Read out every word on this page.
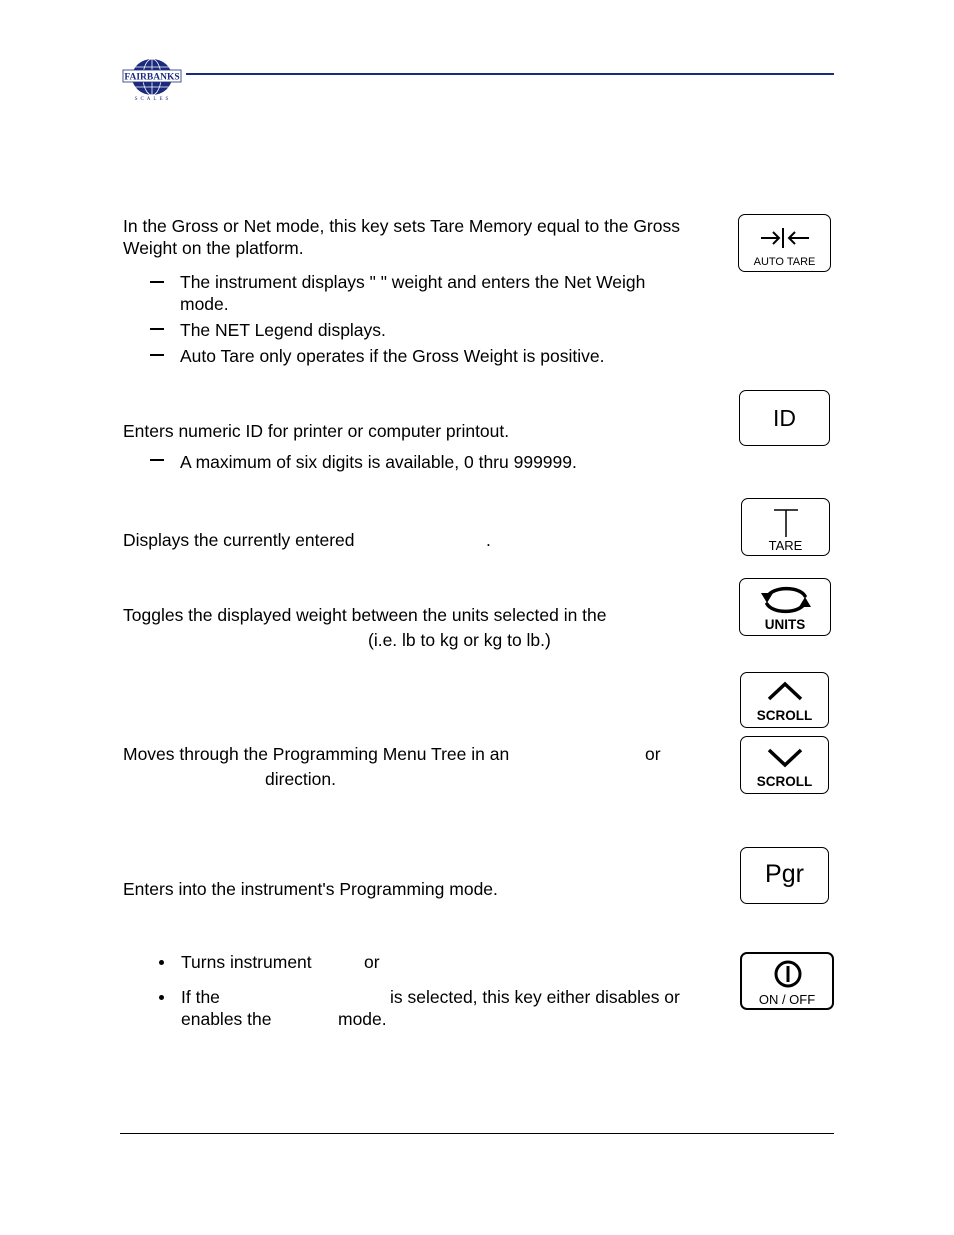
FAIRBANKS
SCALES
In the Gross or Net mode, this key sets Tare Memory equal to the Gross
Weight on the platform.
The instrument displays " " weight and enters the Net Weigh
mode.
The NET Legend displays.
Auto Tare only operates if the Gross Weight is positive.
AUTO TARE
Enters numeric ID for printer or computer printout.
A maximum of six digits is available, 0 thru 999999.
ID
Displays the currently entered	.	TARE
Toggles the displayed weight between the units selected in the
(i.e. lb to kg or kg to lb.)
UNITS
Moves through the Programming Menu Tree in an	or
direction.
SCROLL
SCROLL
Enters into the instrument's Programming mode.
Pgr
Turns instrument	or
If the	is selected, this key either disables or
enables the	mode.
ON / OFF
